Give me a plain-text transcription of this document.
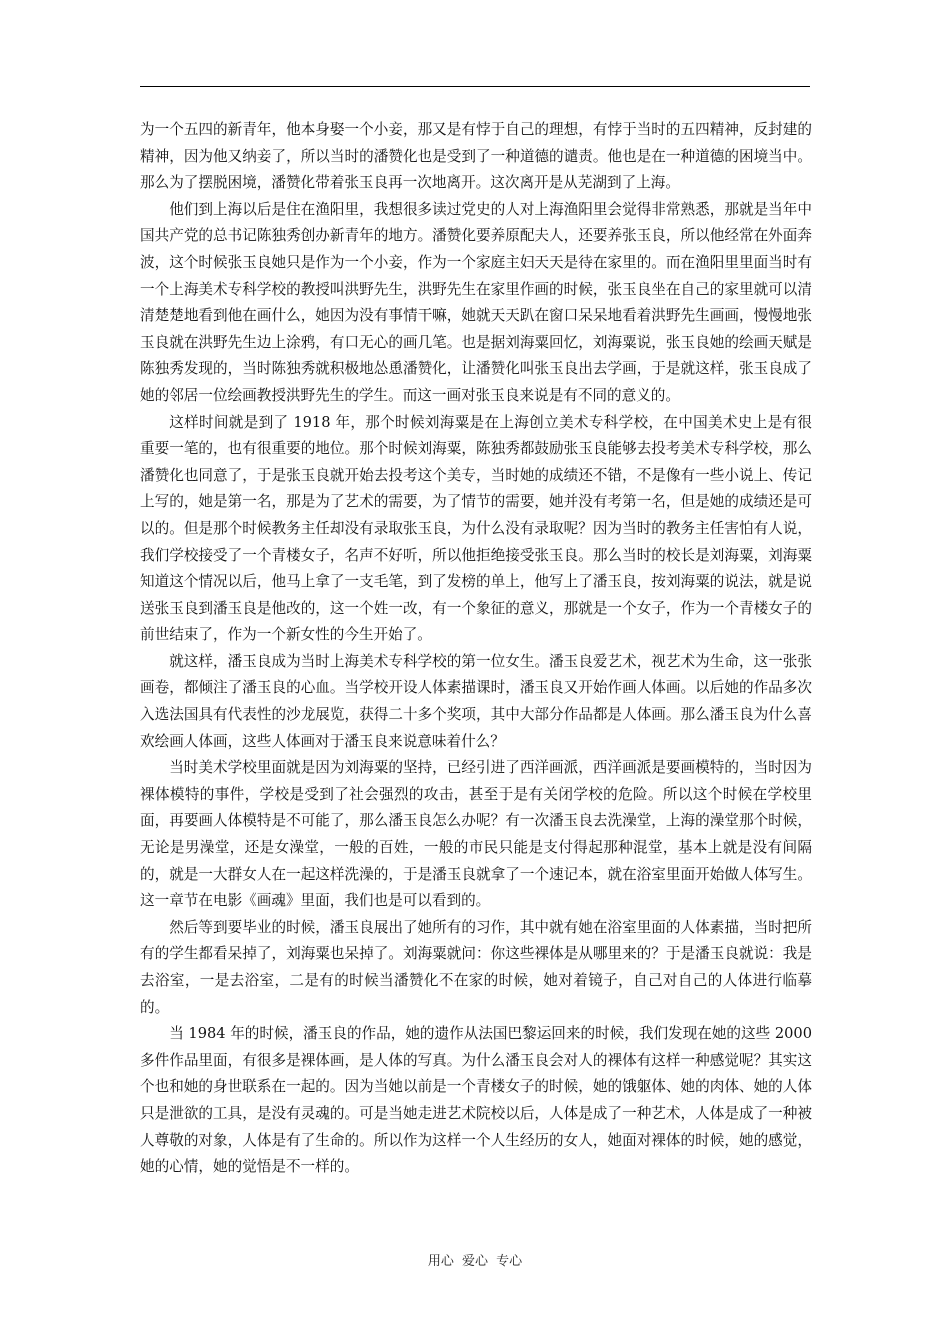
为一个五四的新青年，他本身娶一个小妾，那又是有悖于自己的理想，有悖于当时的五四精神，反封建的精神，因为他又纳妾了，所以当时的潘赞化也是受到了一种道德的谴责。他也是在一种道德的困境当中。那么为了摆脱困境，潘赞化带着张玉良再一次地离开。这次离开是从芜湖到了上海。

他们到上海以后是住在渔阳里，我想很多读过党史的人对上海渔阳里会觉得非常熟悉，那就是当年中国共产党的总书记陈独秀创办新青年的地方。潘赞化要养原配夫人，还要养张玉良，所以他经常在外面奔波，这个时候张玉良她只是作为一个小妾，作为一个家庭主妇天天是待在家里的。而在渔阳里里面当时有一个上海美术专科学校的教授叫洪野先生，洪野先生在家里作画的时候，张玉良坐在自己的家里就可以清清楚楚地看到他在画什么，她因为没有事情干嘛，她就天天趴在窗口呆呆地看着洪野先生画画，慢慢地张玉良就在洪野先生边上涂鸦，有口无心的画几笔。也是据刘海粟回忆，刘海粟说，张玉良她的绘画天赋是陈独秀发现的，当时陈独秀就积极地怂恿潘赞化，让潘赞化叫张玉良出去学画，于是就这样，张玉良成了她的邻居一位绘画教授洪野先生的学生。而这一画对张玉良来说是有不同的意义的。

这样时间就是到了 1918 年，那个时候刘海粟是在上海创立美术专科学校，在中国美术史上是有很重要一笔的，也有很重要的地位。那个时候刘海粟，陈独秀都鼓励张玉良能够去投考美术专科学校，那么潘赞化也同意了，于是张玉良就开始去投考这个美专，当时她的成绩还不错，不是像有一些小说上、传记上写的，她是第一名，那是为了艺术的需要，为了情节的需要，她并没有考第一名，但是她的成绩还是可以的。但是那个时候教务主任却没有录取张玉良，为什么没有录取呢？因为当时的教务主任害怕有人说，我们学校接受了一个青楼女子，名声不好听，所以他拒绝接受张玉良。那么当时的校长是刘海粟，刘海粟知道这个情况以后，他马上拿了一支毛笔，到了发榜的单上，他写上了潘玉良，按刘海粟的说法，就是说送张玉良到潘玉良是他改的，这一个姓一改，有一个象征的意义，那就是一个女子，作为一个青楼女子的前世结束了，作为一个新女性的今生开始了。

就这样，潘玉良成为当时上海美术专科学校的第一位女生。潘玉良爱艺术，视艺术为生命，这一张张画卷，都倾注了潘玉良的心血。当学校开设人体素描课时，潘玉良又开始作画人体画。以后她的作品多次入选法国具有代表性的沙龙展览，获得二十多个奖项，其中大部分作品都是人体画。那么潘玉良为什么喜欢绘画人体画，这些人体画对于潘玉良来说意味着什么？

当时美术学校里面就是因为刘海粟的坚持，已经引进了西洋画派，西洋画派是要画模特的，当时因为裸体模特的事件，学校是受到了社会强烈的攻击，甚至于是有关闭学校的危险。所以这个时候在学校里面，再要画人体模特是不可能了，那么潘玉良怎么办呢？有一次潘玉良去洗澡堂，上海的澡堂那个时候，无论是男澡堂，还是女澡堂，一般的百姓，一般的市民只能是支付得起那种混堂，基本上就是没有间隔的，就是一大群女人在一起这样洗澡的，于是潘玉良就拿了一个速记本，就在浴室里面开始做人体写生。这一章节在电影《画魂》里面，我们也是可以看到的。

然后等到要毕业的时候，潘玉良展出了她所有的习作，其中就有她在浴室里面的人体素描，当时把所有的学生都看呆掉了，刘海粟也呆掉了。刘海粟就问：你这些裸体是从哪里来的？于是潘玉良就说：我是去浴室，一是去浴室，二是有的时候当潘赞化不在家的时候，她对着镜子，自己对自己的人体进行临摹的。

当 1984 年的时候，潘玉良的作品，她的遗作从法国巴黎运回来的时候，我们发现在她的这些 2000 多件作品里面，有很多是裸体画，是人体的写真。为什么潘玉良会对人的裸体有这样一种感觉呢？其实这个也和她的身世联系在一起的。因为当她以前是一个青楼女子的时候，她的饿躯体、她的肉体、她的人体只是泄欲的工具，是没有灵魂的。可是当她走进艺术院校以后，人体是成了一种艺术，人体是成了一种被人尊敬的对象，人体是有了生命的。所以作为这样一个人生经历的女人，她面对裸体的时候，她的感觉，她的心情，她的觉悟是不一样的。

用心 爱心 专心
